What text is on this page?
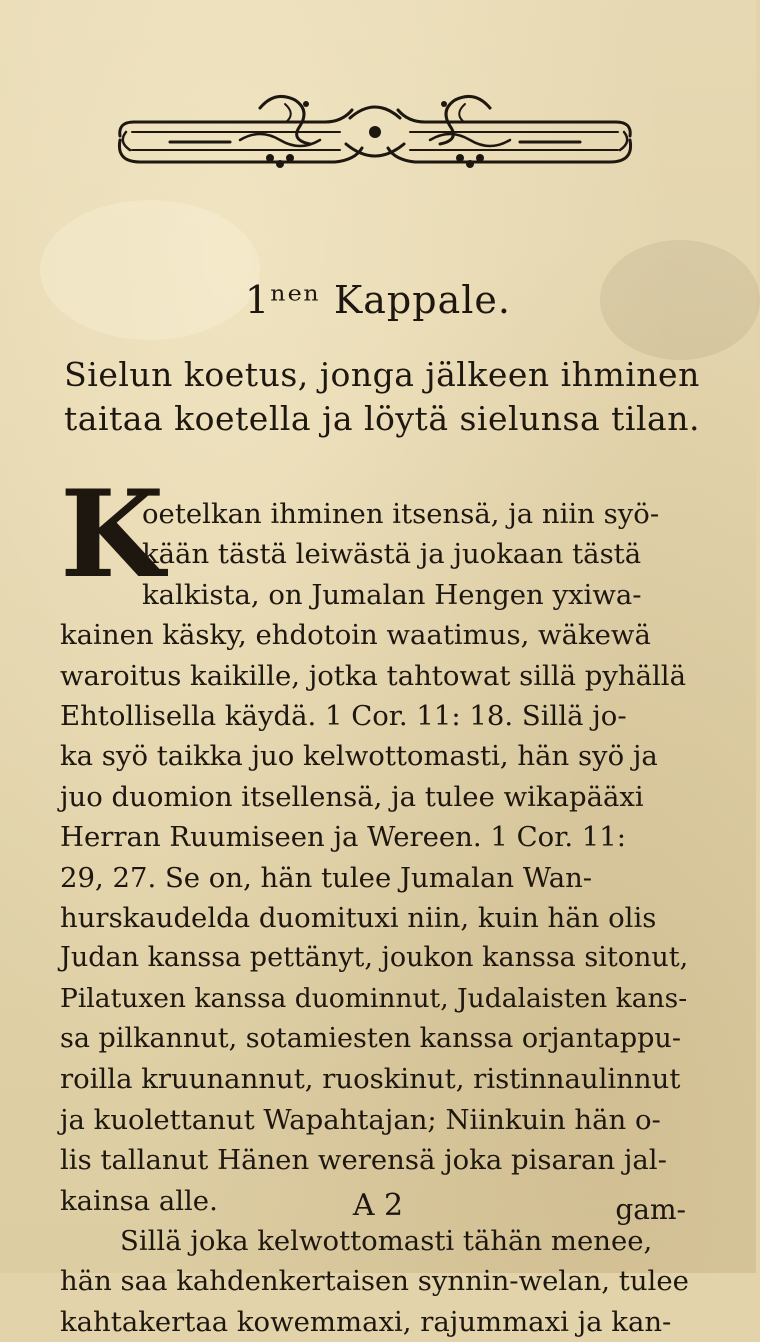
1ⁿᵉⁿ Kappale.
Sielun koetus, jonga jälkeen ihminen
taitaa koetella ja löytä sielunsa tilan.
K
oetelkan ihminen itsensä, ja niin syö-
kään tästä leiwästä ja juokaan tästä
kalkista, on Jumalan Hengen yxiwa-
kainen käsky, ehdotoin waatimus, wäkewä
waroitus kaikille, jotka tahtowat sillä pyhällä
Ehtollisella käydä. 1 Cor. 11: 18. Sillä jo-
ka syö taikka juo kelwottomasti, hän syö ja
juo duomion itsellensä, ja tulee wikapääxi
Herran Ruumiseen ja Wereen. 1 Cor. 11:
29, 27. Se on, hän tulee Jumalan Wan-
hurskaudelda duomituxi niin, kuin hän olis
Judan kanssa pettänyt, joukon kanssa sitonut,
Pilatuxen kanssa duominnut, Judalaisten kans-
sa pilkannut, sotamiesten kanssa orjantappu-
roilla kruunannut, ruoskinut, ristinnaulinnut
ja kuolettanut Wapahtajan; Niinkuin hän o-
lis tallanut Hänen werensä joka pisaran jal-
kainsa alle.
Sillä joka kelwottomasti tähän menee,
hän saa kahdenkertaisen synnin-welan, tulee
kahtakertaa kowemmaxi, rajummaxi ja kan-
A 2	gam-
